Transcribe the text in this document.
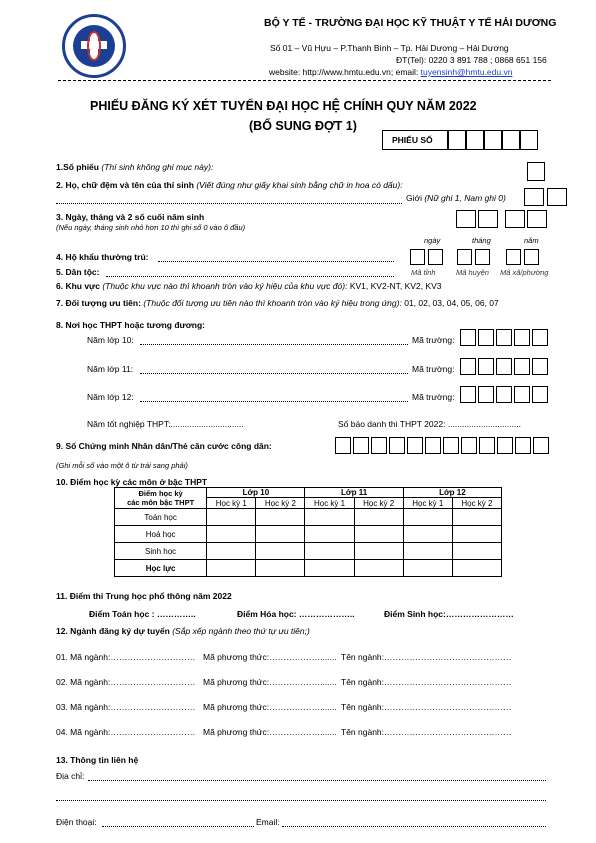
BỘ Y TẾ - TRƯỜNG ĐẠI HỌC KỸ THUẬT Y TẾ HẢI DƯƠNG
Số 01 – Vũ Hựu – P.Thanh Bình – Tp. Hải Dương – Hải Dương
ĐT(Tel): 0220 3 891 788 ; 0868 651 156
website: http://www.hmtu.edu.vn; email: tuyensinh@hmtu.edu.vn
PHIẾU ĐĂNG KÝ XÉT TUYỂN ĐẠI HỌC HỆ CHÍNH QUY NĂM 2022
(BỔ SUNG ĐỢT 1)
PHIẾU SỐ
1.Số phiếu (Thí sinh không ghi mục này):
2. Họ, chữ đệm và tên của thí sinh (Viết đúng như giấy khai sinh bằng chữ in hoa có dấu):
Giới (Nữ ghi 1, Nam ghi 0)
3. Ngày, tháng và 2 số cuối năm sinh
(Nếu ngày, tháng sinh nhỏ hơn 10 thì ghi số 0 vào ô đầu)
ngày	tháng	năm
4. Hộ khẩu thường trú:
5. Dân tộc:	Mã tỉnh	Mã huyện Mã xã/phường
6. Khu vực (Thuộc khu vực nào thì khoanh tròn vào ký hiệu của khu vực đó): KV1, KV2-NT, KV2, KV3
7. Đối tượng ưu tiên: (Thuộc đối tượng ưu tiên nào thì khoanh tròn vào ký hiệu trong ứng): 01, 02, 03, 04, 05, 06, 07
8. Nơi học THPT hoặc tương đương:
Năm lớp 10:	Mã trường:
Năm lớp 11:	Mã trường:
Năm lớp 12:	Mã trường:
Năm tốt nghiệp THPT:...............................	Số báo danh thi THPT 2022: ...............................
9. Số Chứng minh Nhân dân/Thẻ căn cước công dân:
(Ghi mỗi số vào một ô từ trái sang phải)
10. Điểm học kỳ các môn ở bậc THPT
Điểm học kỳ
các môn bậc THPT	Lớp 10		Lớp 11		Lớp 12	
	Học kỳ 1	Học kỳ 2	Học kỳ 1	Học kỳ 2	Học kỳ 1	Học kỳ 2
Toán học						
Hoá học						
Sinh học						
Học lực						
11. Điểm thi Trung học phổ thông năm 2022
Điểm Toán học : …………..	Điểm Hóa học: ………………..	Điểm Sinh học:……………………
12. Ngành đăng ký dự tuyển (Sắp xếp ngành theo thứ tự ưu tiên;)
01. Mã ngành:………………………… Mã phương thức:………………....... Tên ngành:………………………………………
02. Mã ngành:………………………… Mã phương thức:………………....... Tên ngành:………………………………………
03. Mã ngành:………………………… Mã phương thức:………………....... Tên ngành:………………………………………
04. Mã ngành:………………………… Mã phương thức:………………....... Tên ngành:………………………………………
13. Thông tin liên hệ
Địa chỉ:
Điện thoại:	Email:
